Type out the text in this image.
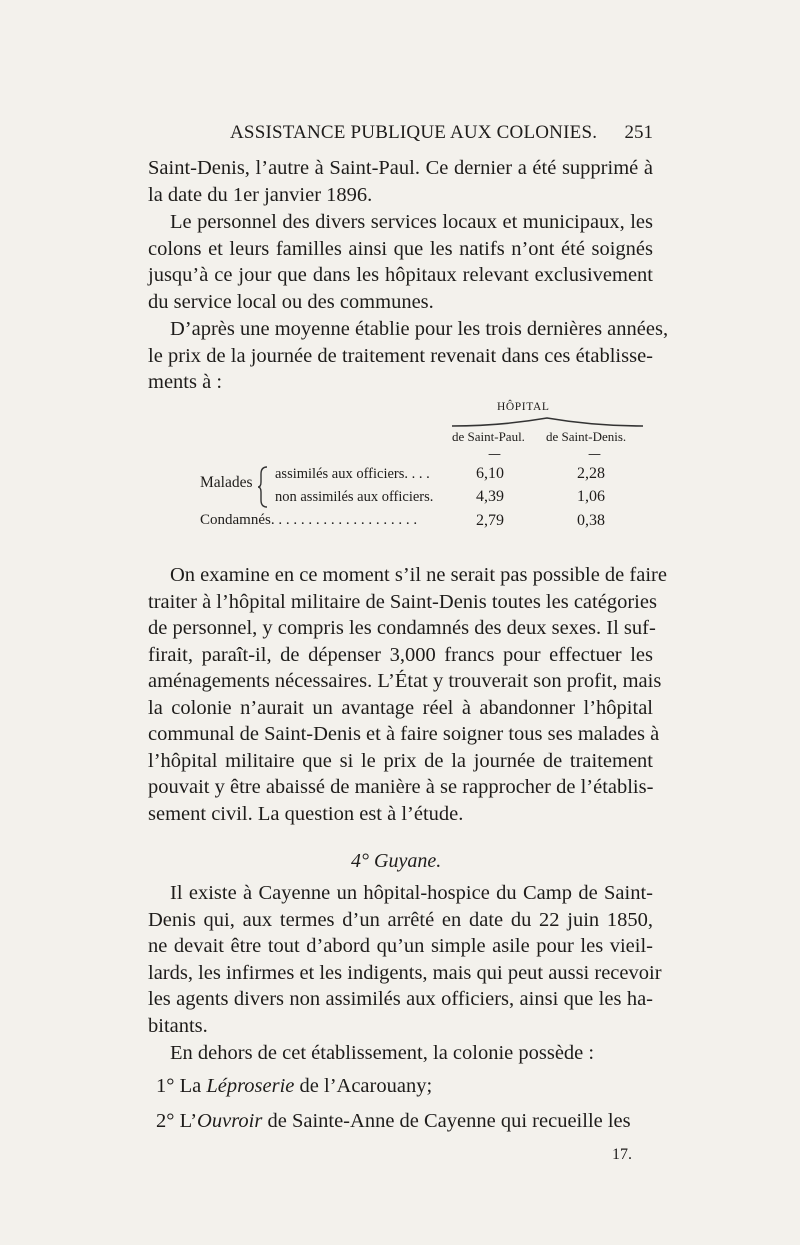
ASSISTANCE PUBLIQUE AUX COLONIES. 251

Saint-Denis, l’autre à Saint-Paul. Ce dernier a été supprimé à
la date du 1er janvier 1896.

Le personnel des divers services locaux et municipaux, les
colons et leurs familles ainsi que les natifs n’ont été soignés
jusqu’à ce jour que dans les hôpitaux relevant exclusivement
du service local ou des communes.

D’après une moyenne établie pour les trois dernières années,
le prix de la journée de traitement revenait dans ces établisse-
ments à :

HÔPITAL
de Saint-Paul. de Saint-Denis.
—	—
Malades assimilés aux officiers. . . .	6,10	2,28
non assimilés aux officiers.	4,39	1,06
Condamnés. . . . . . . . . . . . . . . . . . . .	2,79	0,38

On examine en ce moment s’il ne serait pas possible de faire
traiter à l’hôpital militaire de Saint-Denis toutes les catégories
de personnel, y compris les condamnés des deux sexes. Il suf-
firait, paraît-il, de dépenser 3,000 francs pour effectuer les
aménagements nécessaires. L’État y trouverait son profit, mais
la colonie n’aurait un avantage réel à abandonner l’hôpital
communal de Saint-Denis et à faire soigner tous ses malades à
l’hôpital militaire que si le prix de la journée de traitement
pouvait y être abaissé de manière à se rapprocher de l’établis-
sement civil. La question est à l’étude.

4° Guyane.

Il existe à Cayenne un hôpital-hospice du Camp de Saint-
Denis qui, aux termes d’un arrêté en date du 22 juin 1850,
ne devait être tout d’abord qu’un simple asile pour les vieil-
lards, les infirmes et les indigents, mais qui peut aussi recevoir
les agents divers non assimilés aux officiers, ainsi que les ha-
bitants.

En dehors de cet établissement, la colonie possède :

1° La Léproserie de l’Acarouany;
2° L’Ouvroir de Sainte-Anne de Cayenne qui recueille les
17.
